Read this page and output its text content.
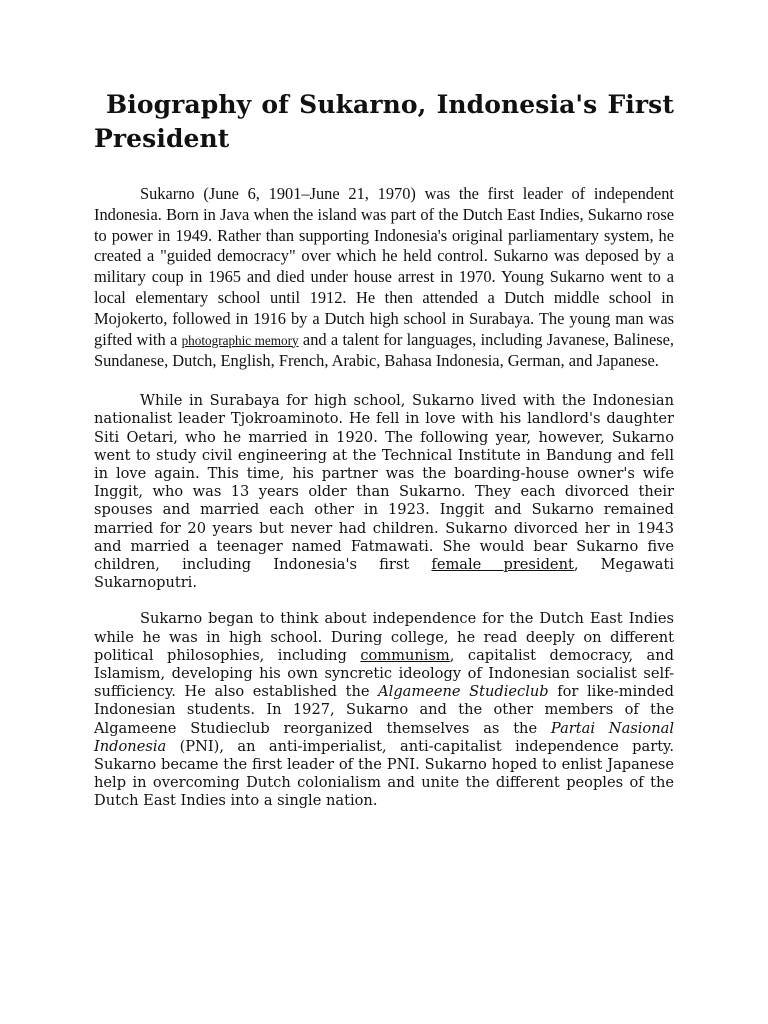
Biography of Sukarno, Indonesia's First President

Sukarno (June 6, 1901–June 21, 1970) was the first leader of independent Indonesia. Born in Java when the island was part of the Dutch East Indies, Sukarno rose to power in 1949. Rather than supporting Indonesia's original parliamentary system, he created a "guided democracy" over which he held control. Sukarno was deposed by a military coup in 1965 and died under house arrest in 1970. Young Sukarno went to a local elementary school until 1912. He then attended a Dutch middle school in Mojokerto, followed in 1916 by a Dutch high school in Surabaya. The young man was gifted with a photographic memory and a talent for languages, including Javanese, Balinese, Sundanese, Dutch, English, French, Arabic, Bahasa Indonesia, German, and Japanese.

While in Surabaya for high school, Sukarno lived with the Indonesian nationalist leader Tjokroaminoto. He fell in love with his landlord's daughter Siti Oetari, who he married in 1920. The following year, however, Sukarno went to study civil engineering at the Technical Institute in Bandung and fell in love again. This time, his partner was the boarding-house owner's wife Inggit, who was 13 years older than Sukarno. They each divorced their spouses and married each other in 1923. Inggit and Sukarno remained married for 20 years but never had children. Sukarno divorced her in 1943 and married a teenager named Fatmawati. She would bear Sukarno five children, including Indonesia's first female president, Megawati Sukarnoputri.

Sukarno began to think about independence for the Dutch East Indies while he was in high school. During college, he read deeply on different political philosophies, including communism, capitalist democracy, and Islamism, developing his own syncretic ideology of Indonesian socialist self-sufficiency. He also established the Algameene Studieclub for like-minded Indonesian students. In 1927, Sukarno and the other members of the Algameene Studieclub reorganized themselves as the Partai Nasional Indonesia (PNI), an anti-imperialist, anti-capitalist independence party. Sukarno became the first leader of the PNI. Sukarno hoped to enlist Japanese help in overcoming Dutch colonialism and unite the different peoples of the Dutch East Indies into a single nation.
